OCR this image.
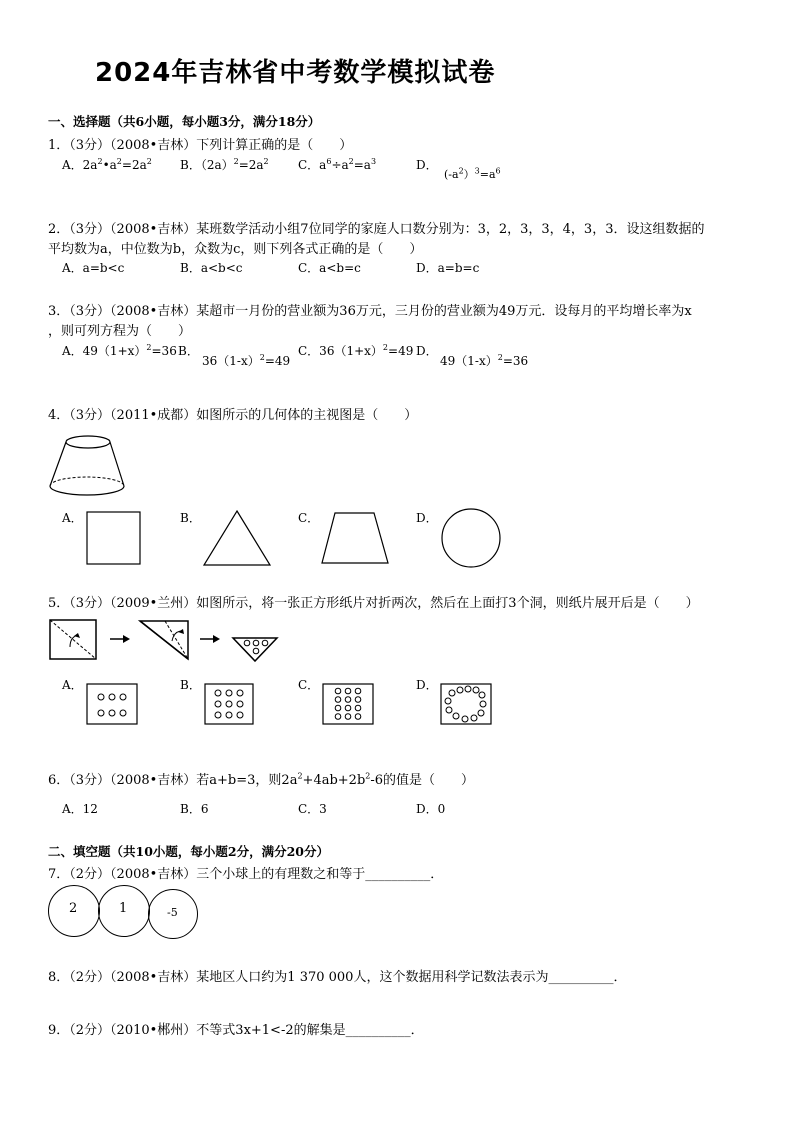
2024年吉林省中考数学模拟试卷
一、选择题（共6小题，每小题3分，满分18分）
1．（3分）（2008•吉林）下列计算正确的是（　　）
A．$2a^2•a^2=2a^2$ B．$(2a)^2=2a^2$ C．$a^6\div a^2=a^3$	D．
$(-a^2)^3=a^6$
2．（3分）（2008•吉林）某班数学活动小组7位同学的家庭人口数分别为：3，2，3，3，4，3，3．设这组数据的
平均数为a，中位数为b，众数为c，则下列各式正确的是（　　）
A．a=b<c	B．a<b<c	C．a<b=c	D．a=b=c
3．（3分）（2008•吉林）某超市一月份的营业额为36万元，三月份的营业额为49万元．设每月的平均增长率为x
，则可列方程为（　　）
A．$49(1+x)^2=36$ B．
$36(1-x)^2=49$
C．$36(1+x)^2=49$ D．
$49(1-x)^2=36$
4．（3分）（2011•成都）如图所示的几何体的主视图是（　　）
A．	B．	C．	D．
5．（3分）（2009•兰州）如图所示，将一张正方形纸片对折两次，然后在上面打3个洞，则纸片展开后是（　　）
A．	B．	C．	D．
6．（3分）（2008•吉林）若a+b=3，则$2a^2+4ab+2b^2-6$的值是（　　）
A．12	B．6	C．3	D．0
二、填空题（共10小题，每小题2分，满分20分）
7．（2分）（2008•吉林）三个小球上的有理数之和等于__________．
2	1	-5
8．（2分）（2008•吉林）某地区人口约为1 370 000人，这个数据用科学记数法表示为__________．
9．（2分）（2010•郴州）不等式3x+1<-2的解集是__________．
